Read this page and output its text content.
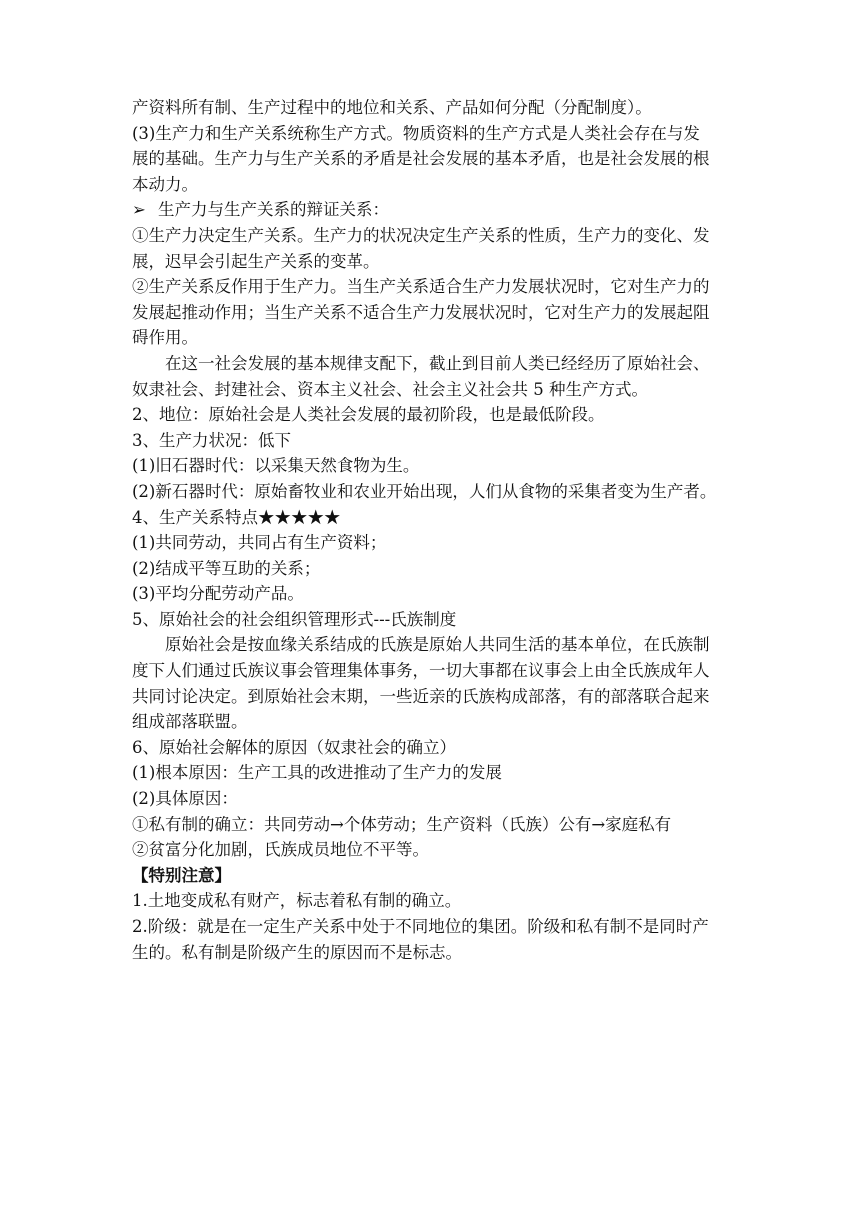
产资料所有制、生产过程中的地位和关系、产品如何分配（分配制度）。

(3)生产力和生产关系统称生产方式。物质资料的生产方式是人类社会存在与发

展的基础。生产力与生产关系的矛盾是社会发展的基本矛盾，也是社会发展的根

本动力。

➢ 生产力与生产关系的辩证关系：

①生产力决定生产关系。生产力的状况决定生产关系的性质，生产力的变化、发

展，迟早会引起生产关系的变革。

②生产关系反作用于生产力。当生产关系适合生产力发展状况时，它对生产力的

发展起推动作用；当生产关系不适合生产力发展状况时，它对生产力的发展起阻

碍作用。

在这一社会发展的基本规律支配下，截止到目前人类已经经历了原始社会、

奴隶社会、封建社会、资本主义社会、社会主义社会共 5 种生产方式。

2、地位：原始社会是人类社会发展的最初阶段，也是最低阶段。

3、生产力状况：低下

(1)旧石器时代：以采集天然食物为生。

(2)新石器时代：原始畜牧业和农业开始出现，人们从食物的采集者变为生产者。

4、生产关系特点★★★★★

(1)共同劳动，共同占有生产资料；

(2)结成平等互助的关系；

(3)平均分配劳动产品。

5、原始社会的社会组织管理形式---氏族制度

原始社会是按血缘关系结成的氏族是原始人共同生活的基本单位，在氏族制

度下人们通过氏族议事会管理集体事务，一切大事都在议事会上由全氏族成年人

共同讨论决定。到原始社会末期，一些近亲的氏族构成部落，有的部落联合起来

组成部落联盟。

6、原始社会解体的原因（奴隶社会的确立）

(1)根本原因：生产工具的改进推动了生产力的发展

(2)具体原因：

①私有制的确立：共同劳动→个体劳动；生产资料（氏族）公有→家庭私有

②贫富分化加剧，氏族成员地位不平等。

【特别注意】

1.土地变成私有财产，标志着私有制的确立。

2.阶级：就是在一定生产关系中处于不同地位的集团。阶级和私有制不是同时产

生的。私有制是阶级产生的原因而不是标志。
